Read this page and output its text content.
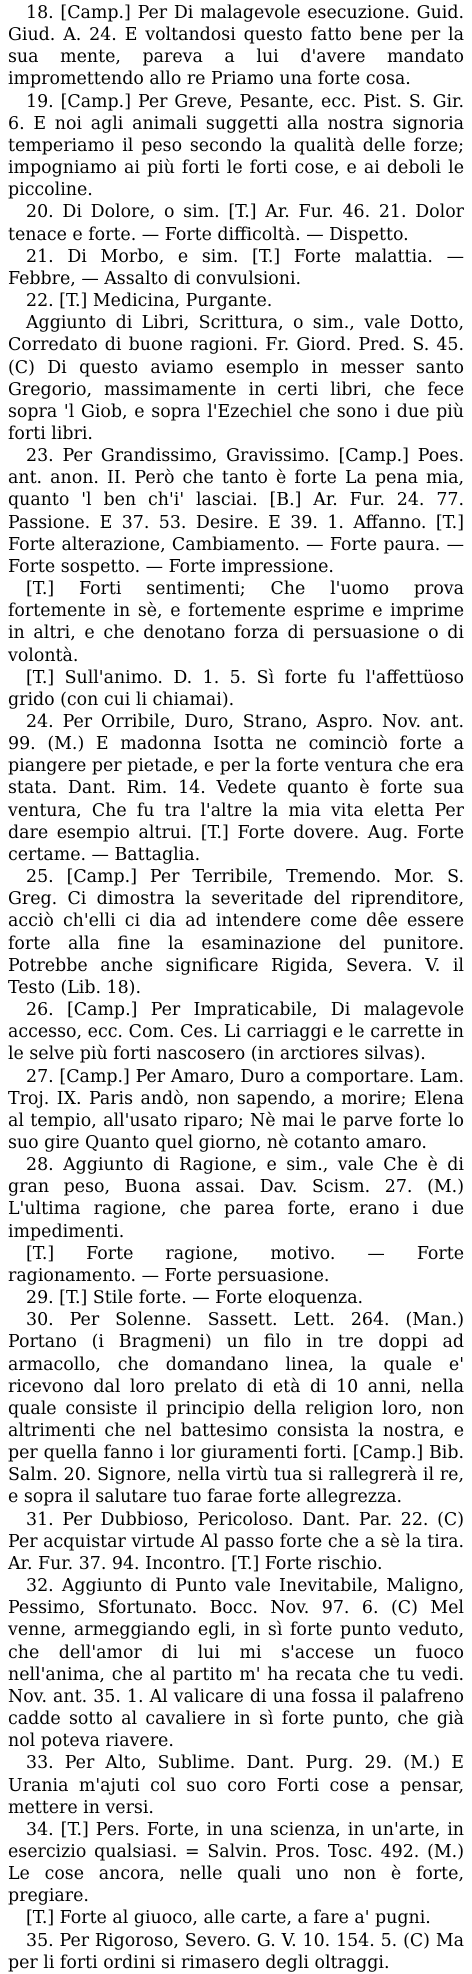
18. [Camp.] Per Di malagevole esecuzione. Guid. Giud. A. 24. E voltandosi questo fatto bene per la sua mente, pareva a lui d'avere mandato impromettendo allo re Priamo una forte cosa.

19. [Camp.] Per Greve, Pesante, ecc. Pist. S. Gir. 6. E noi agli animali suggetti alla nostra signoria temperiamo il peso secondo la qualità delle forze; impogniamo ai più forti le forti cose, e ai deboli le piccoline.

20. Di Dolore, o sim. [T.] Ar. Fur. 46. 21. Dolor tenace e forte. — Forte difficoltà. — Dispetto.

21. Di Morbo, e sim. [T.] Forte malattia. — Febbre, — Assalto di convulsioni.

22. [T.] Medicina, Purgante.

Aggiunto di Libri, Scrittura, o sim., vale Dotto, Corredato di buone ragioni. Fr. Giord. Pred. S. 45. (C) Di questo aviamo esemplo in messer santo Gregorio, massimamente in certi libri, che fece sopra 'l Giob, e sopra l'Ezechiel che sono i due più forti libri.

23. Per Grandissimo, Gravissimo. [Camp.] Poes. ant. anon. II. Però che tanto è forte La pena mia, quanto 'l ben ch'i' lasciai. [B.] Ar. Fur. 24. 77. Passione. E 37. 53. Desire. E 39. 1. Affanno. [T.] Forte alterazione, Cambiamento. — Forte paura. — Forte sospetto. — Forte impressione.

[T.] Forti sentimenti; Che l'uomo prova fortemente in sè, e fortemente esprime e imprime in altri, e che denotano forza di persuasione o di volontà.

[T.] Sull'animo. D. 1. 5. Sì forte fu l'affettüoso grido (con cui li chiamai).

24. Per Orribile, Duro, Strano, Aspro. Nov. ant. 99. (M.) E madonna Isotta ne cominciò forte a piangere per pietade, e per la forte ventura che era stata. Dant. Rim. 14. Vedete quanto è forte sua ventura, Che fu tra l'altre la mia vita eletta Per dare esempio altrui. [T.] Forte dovere. Aug. Forte certame. — Battaglia.

25. [Camp.] Per Terribile, Tremendo. Mor. S. Greg. Ci dimostra la severitade del riprenditore, acciò ch'elli ci dia ad intendere come dêe essere forte alla fine la esaminazione del punitore. Potrebbe anche significare Rigida, Severa. V. il Testo (Lib. 18).

26. [Camp.] Per Impraticabile, Di malagevole accesso, ecc. Com. Ces. Li carriaggi e le carrette in le selve più forti nascosero (in arctiores silvas).

27. [Camp.] Per Amaro, Duro a comportare. Lam. Troj. IX. Paris andò, non sapendo, a morire; Elena al tempio, all'usato riparo; Nè mai le parve forte lo suo gire Quanto quel giorno, nè cotanto amaro.

28. Aggiunto di Ragione, e sim., vale Che è di gran peso, Buona assai. Dav. Scism. 27. (M.) L'ultima ragione, che parea forte, erano i due impedimenti.

[T.] Forte ragione, motivo. — Forte ragionamento. — Forte persuasione.

29. [T.] Stile forte. — Forte eloquenza.

30. Per Solenne. Sassett. Lett. 264. (Man.) Portano (i Bragmeni) un filo in tre doppi ad armacollo, che domandano linea, la quale e' ricevono dal loro prelato di età di 10 anni, nella quale consiste il principio della religion loro, non altrimenti che nel battesimo consista la nostra, e per quella fanno i lor giuramenti forti. [Camp.] Bib. Salm. 20. Signore, nella virtù tua si rallegrerà il re, e sopra il salutare tuo farae forte allegrezza.

31. Per Dubbioso, Pericoloso. Dant. Par. 22. (C) Per acquistar virtude Al passo forte che a sè la tira. Ar. Fur. 37. 94. Incontro. [T.] Forte rischio.

32. Aggiunto di Punto vale Inevitabile, Maligno, Pessimo, Sfortunato. Bocc. Nov. 97. 6. (C) Mel venne, armeggiando egli, in sì forte punto veduto, che dell'amor di lui mi s'accese un fuoco nell'anima, che al partito m' ha recata che tu vedi. Nov. ant. 35. 1. Al valicare di una fossa il palafreno cadde sotto al cavaliere in sì forte punto, che già nol poteva riavere.

33. Per Alto, Sublime. Dant. Purg. 29. (M.) E Urania m'ajuti col suo coro Forti cose a pensar, mettere in versi.

34. [T.] Pers. Forte, in una scienza, in un'arte, in esercizio qualsiasi. = Salvin. Pros. Tosc. 492. (M.) Le cose ancora, nelle quali uno non è forte, pregiare.

[T.] Forte al giuoco, alle carte, a fare a' pugni.

35. Per Rigoroso, Severo. G. V. 10. 154. 5. (C) Ma per li forti ordini si rimasero degli oltraggi.
